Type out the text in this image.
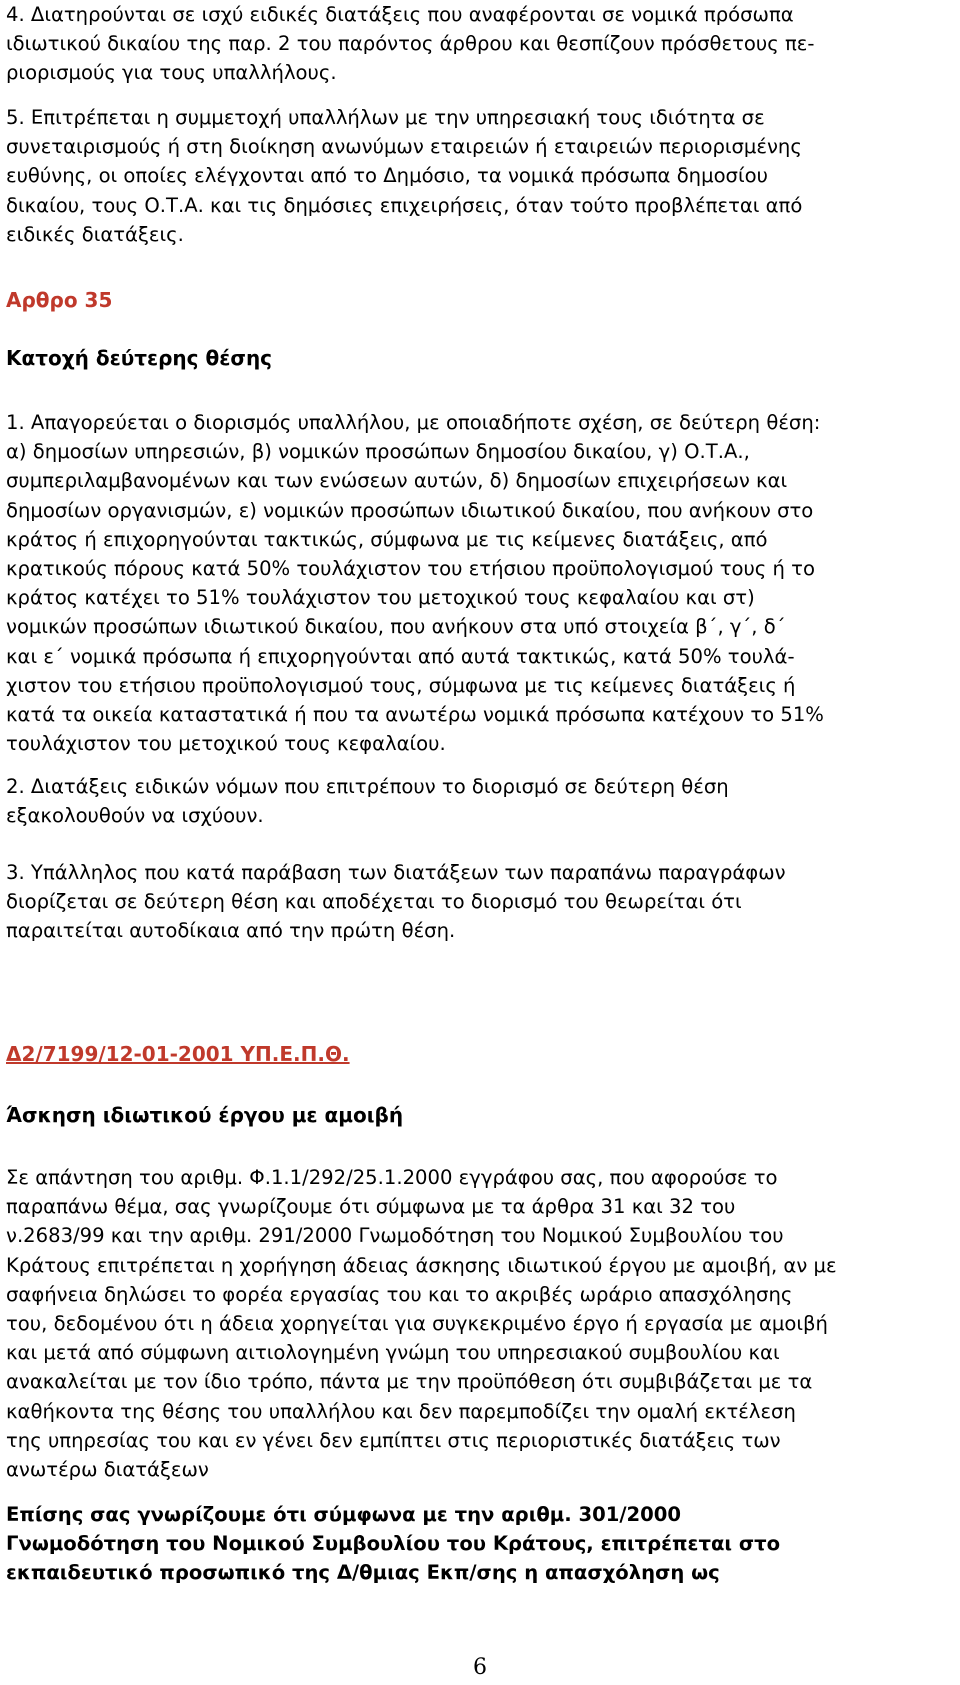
4. Διατηρούνται σε ισχύ ειδικές διατάξεις που αναφέρονται σε νομικά πρόσωπα
ιδιωτικού δικαίου της παρ. 2 του παρόντος άρθρου και θεσπίζουν πρόσθετους πε-
ριορισμούς για τους υπαλλήλους.

5. Επιτρέπεται η συμμετοχή υπαλλήλων με την υπηρεσιακή τους ιδιότητα σε
συνεταιρισμούς ή στη διοίκηση ανωνύμων εταιρειών ή εταιρειών περιορισμένης
ευθύνης, οι οποίες ελέγχονται από το Δημόσιο, τα νομικά πρόσωπα δημοσίου
δικαίου, τους Ο.Τ.Α. και τις δημόσιες επιχειρήσεις, όταν τούτο προβλέπεται από
ειδικές διατάξεις.

Αρθρο 35

Κατοχή δεύτερης θέσης

1. Απαγορεύεται ο διορισμός υπαλλήλου, με οποιαδήποτε σχέση, σε δεύτερη θέση:
α) δημοσίων υπηρεσιών, β) νομικών προσώπων δημοσίου δικαίου, γ) Ο.Τ.Α.,
συμπεριλαμβανομένων και των ενώσεων αυτών, δ) δημοσίων επιχειρήσεων και
δημοσίων οργανισμών, ε) νομικών προσώπων ιδιωτικού δικαίου, που ανήκουν στο
κράτος ή επιχορηγούνται τακτικώς, σύμφωνα με τις κείμενες διατάξεις, από
κρατικούς πόρους κατά 50% τουλάχιστον του ετήσιου προϋπολογισμού τους ή το
κράτος κατέχει το 51% τουλάχιστον του μετοχικού τους κεφαλαίου και στ)
νομικών προσώπων ιδιωτικού δικαίου, που ανήκουν στα υπό στοιχεία β΄, γ΄, δ΄
και ε΄ νομικά πρόσωπα ή επιχορηγούνται από αυτά τακτικώς, κατά 50% τουλά-
χιστον του ετήσιου προϋπολογισμού τους, σύμφωνα με τις κείμενες διατάξεις ή
κατά τα οικεία καταστατικά ή που τα ανωτέρω νομικά πρόσωπα κατέχουν το 51%
τουλάχιστον του μετοχικού τους κεφαλαίου.

2. Διατάξεις ειδικών νόμων που επιτρέπουν το διορισμό σε δεύτερη θέση
εξακολουθούν να ισχύουν.

3. Υπάλληλος που κατά παράβαση των διατάξεων των παραπάνω παραγράφων
διορίζεται σε δεύτερη θέση και αποδέχεται το διορισμό του θεωρείται ότι
παραιτείται αυτοδίκαια από την πρώτη θέση.

Δ2/7199/12-01-2001 ΥΠ.Ε.Π.Θ.

Άσκηση ιδιωτικού έργου με αμοιβή

Σε απάντηση του αριθμ. Φ.1.1/292/25.1.2000 εγγράφου σας, που αφορούσε το
παραπάνω θέμα, σας γνωρίζουμε ότι σύμφωνα με τα άρθρα 31 και 32 του
ν.2683/99 και την αριθμ. 291/2000 Γνωμοδότηση του Νομικού Συμβουλίου του
Κράτους επιτρέπεται η χορήγηση άδειας άσκησης ιδιωτικού έργου με αμοιβή, αν με
σαφήνεια δηλώσει το φορέα εργασίας του και το ακριβές ωράριο απασχόλησης
του, δεδομένου ότι η άδεια χορηγείται για συγκεκριμένο έργο ή εργασία με αμοιβή
και μετά από σύμφωνη αιτιολογημένη γνώμη του υπηρεσιακού συμβουλίου και
ανακαλείται με τον ίδιο τρόπο, πάντα με την προϋπόθεση ότι συμβιβάζεται με τα
καθήκοντα της θέσης του υπαλλήλου και δεν παρεμποδίζει την ομαλή εκτέλεση
της υπηρεσίας του και εν γένει δεν εμπίπτει στις περιοριστικές διατάξεις των
ανωτέρω διατάξεων

Επίσης σας γνωρίζουμε ότι σύμφωνα με την αριθμ. 301/2000
Γνωμοδότηση του Νομικού Συμβουλίου του Κράτους, επιτρέπεται στο
εκπαιδευτικό προσωπικό της Δ/θμιας Εκπ/σης η απασχόληση ως

6
